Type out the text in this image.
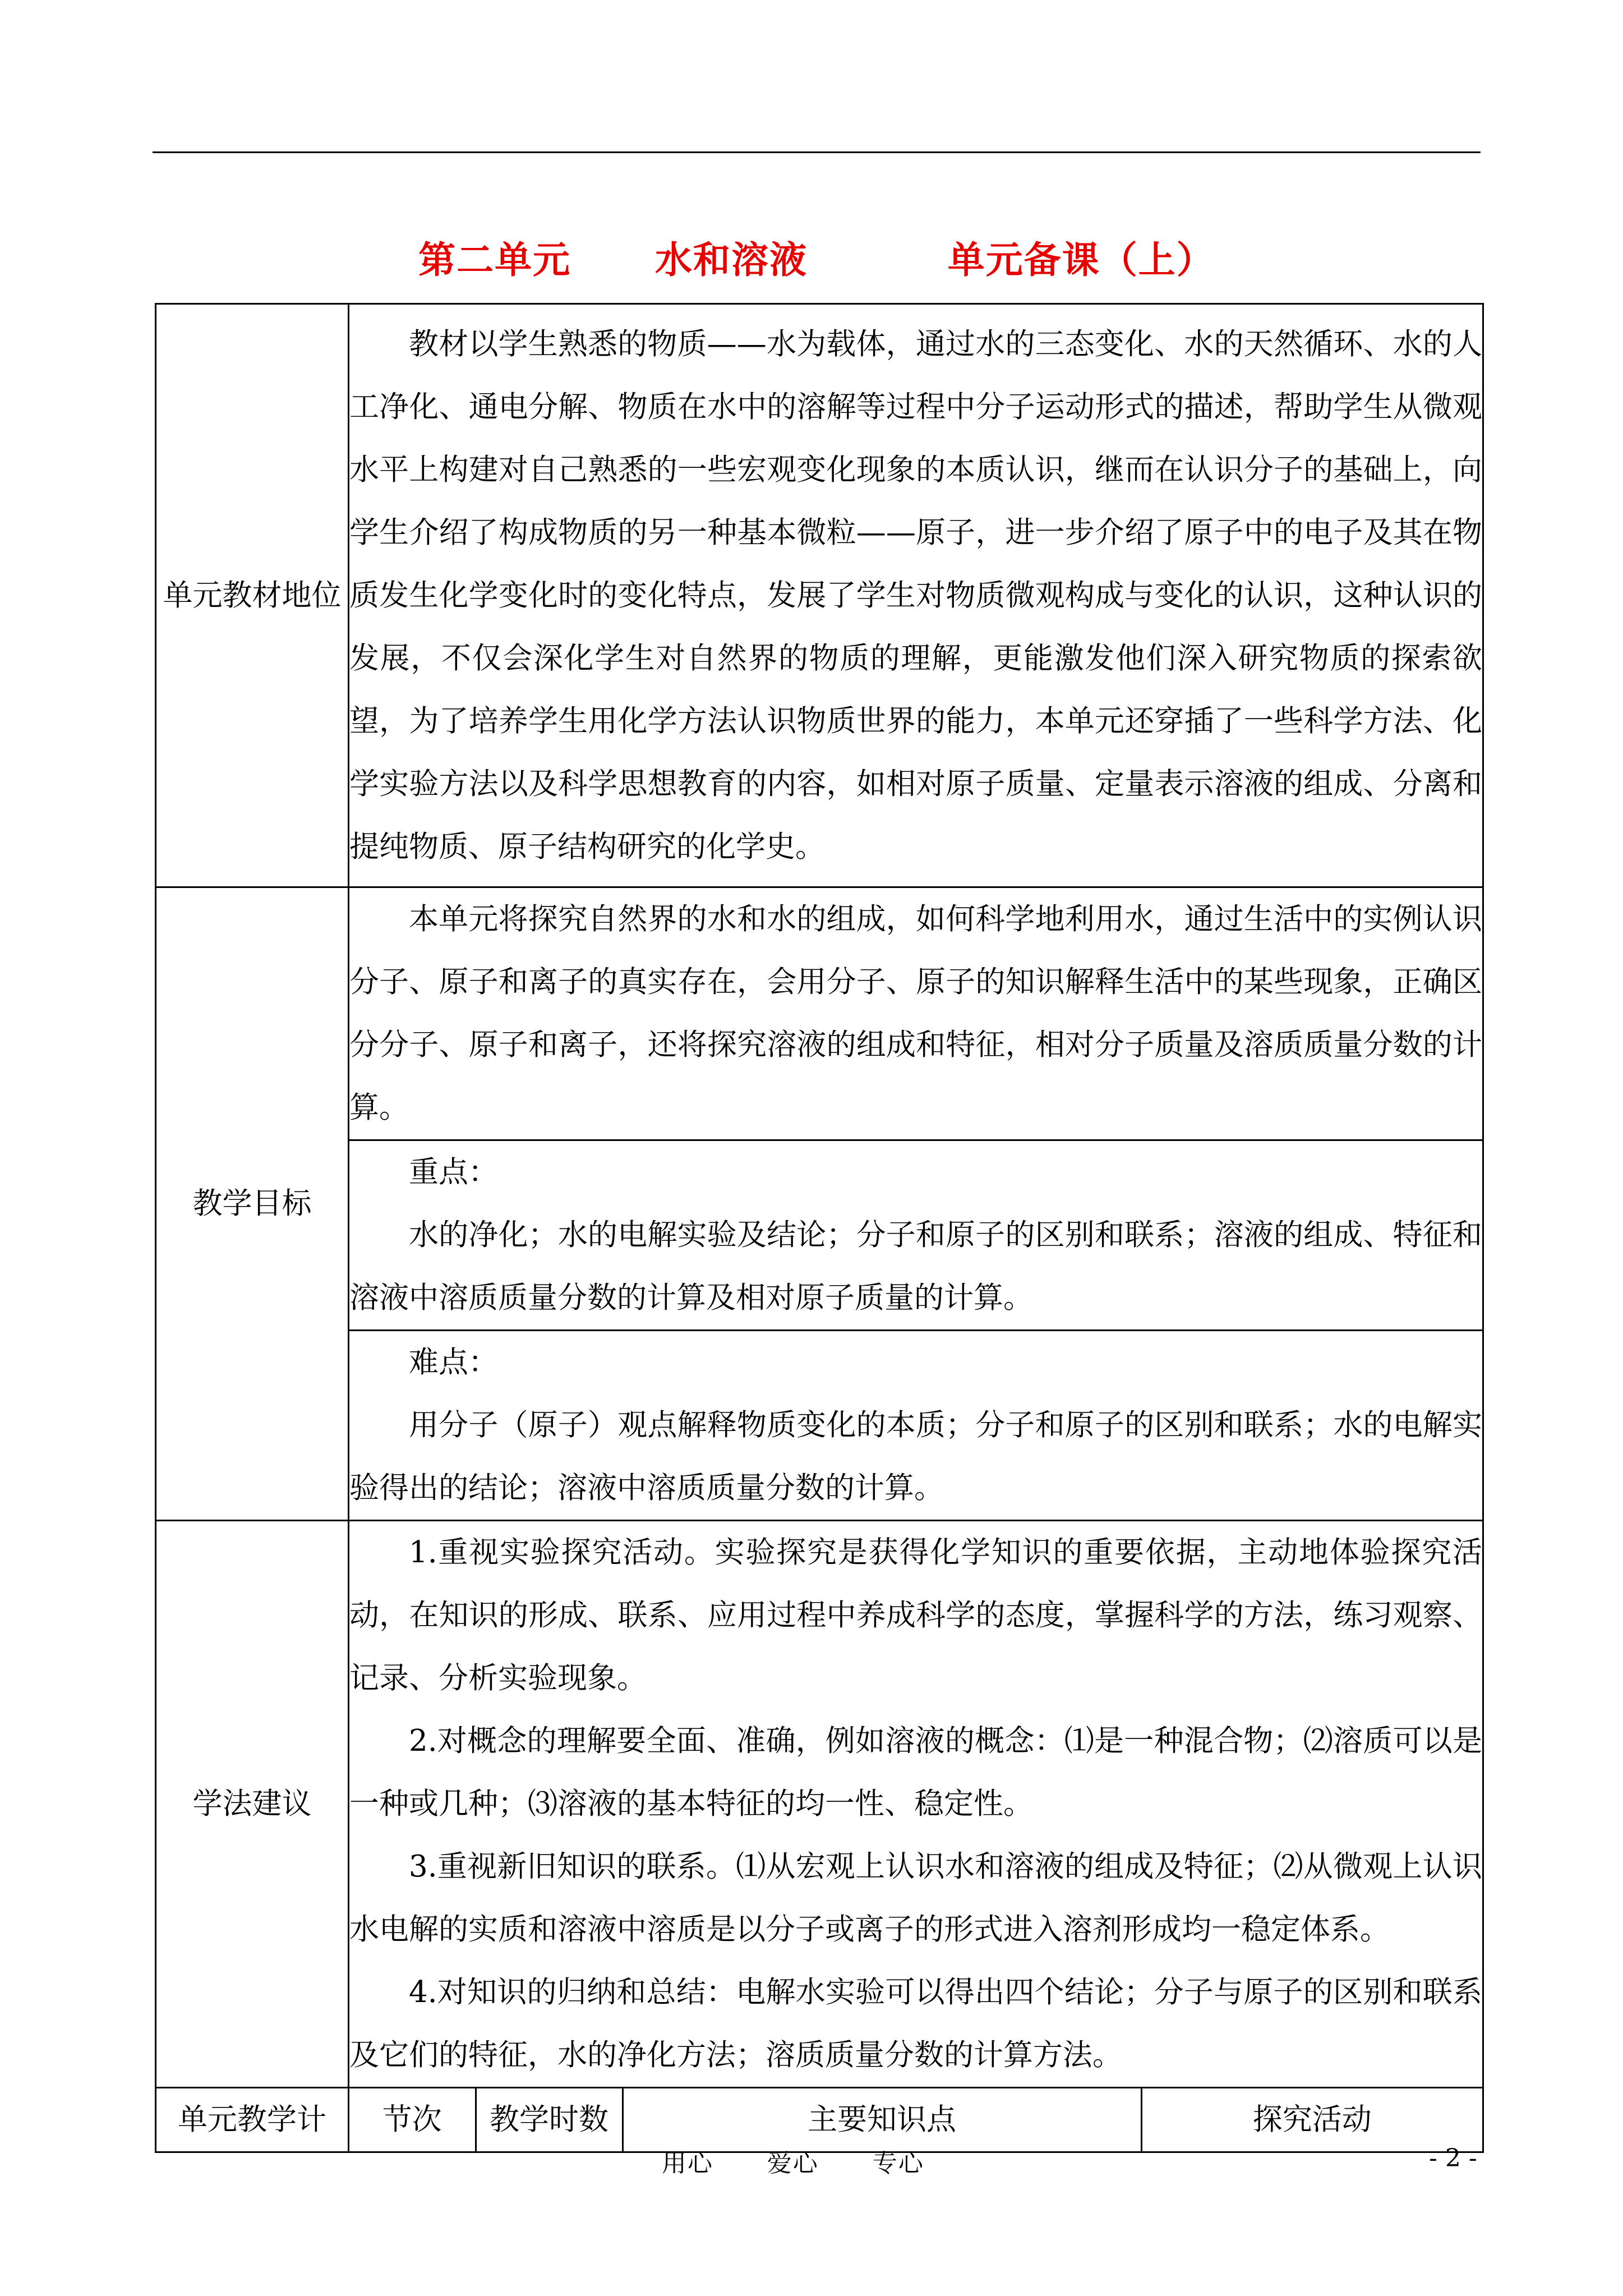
第二单元      水和溶液          单元备课（上）
单元教材地位	

教材以学生熟悉的物质——水为载体，通过水的三态变化、水的天然循环、水的人工净化、通电分解、物质在水中的溶解等过程中分子运动形式的描述，帮助学生从微观水平上构建对自己熟悉的一些宏观变化现象的本质认识，继而在认识分子的基础上，向学生介绍了构成物质的另一种基本微粒——原子，进一步介绍了原子中的电子及其在物质发生化学变化时的变化特点，发展了学生对物质微观构成与变化的认识，这种认识的发展，不仅会深化学生对自然界的物质的理解，更能激发他们深入研究物质的探索欲望，为了培养学生用化学方法认识物质世界的能力，本单元还穿插了一些科学方法、化学实验方法以及科学思想教育的内容，如相对原子质量、定量表示溶液的组成、分离和提纯物质、原子结构研究的化学史。

教学目标	

本单元将探究自然界的水和水的组成，如何科学地利用水，通过生活中的实例认识分子、原子和离子的真实存在，会用分子、原子的知识解释生活中的某些现象，正确区分分子、原子和离子，还将探究溶液的组成和特征，相对分子质量及溶质质量分数的计算。

重点：

水的净化；水的电解实验及结论；分子和原子的区别和联系；溶液的组成、特征和溶液中溶质质量分数的计算及相对原子质量的计算。

难点：

用分子（原子）观点解释物质变化的本质；分子和原子的区别和联系；水的电解实验得出的结论；溶液中溶质质量分数的计算。

学法建议	

1.重视实验探究活动。实验探究是获得化学知识的重要依据，主动地体验探究活动，在知识的形成、联系、应用过程中养成科学的态度，掌握科学的方法，练习观察、记录、分析实验现象。

2.对概念的理解要全面、准确，例如溶液的概念：⑴是一种混合物；⑵溶质可以是一种或几种；⑶溶液的基本特征的均一性、稳定性。

3.重视新旧知识的联系。⑴从宏观上认识水和溶液的组成及特征；⑵从微观上认识水电解的实质和溶液中溶质是以分子或离子的形式进入溶剂形成均一稳定体系。

4.对知识的归纳和总结：电解水实验可以得出四个结论；分子与原子的区别和联系及它们的特征，水的净化方法；溶质质量分数的计算方法。

单元教学计	节次	教学时数	主要知识点	探究活动
用心      爱心      专心	- 2 -
